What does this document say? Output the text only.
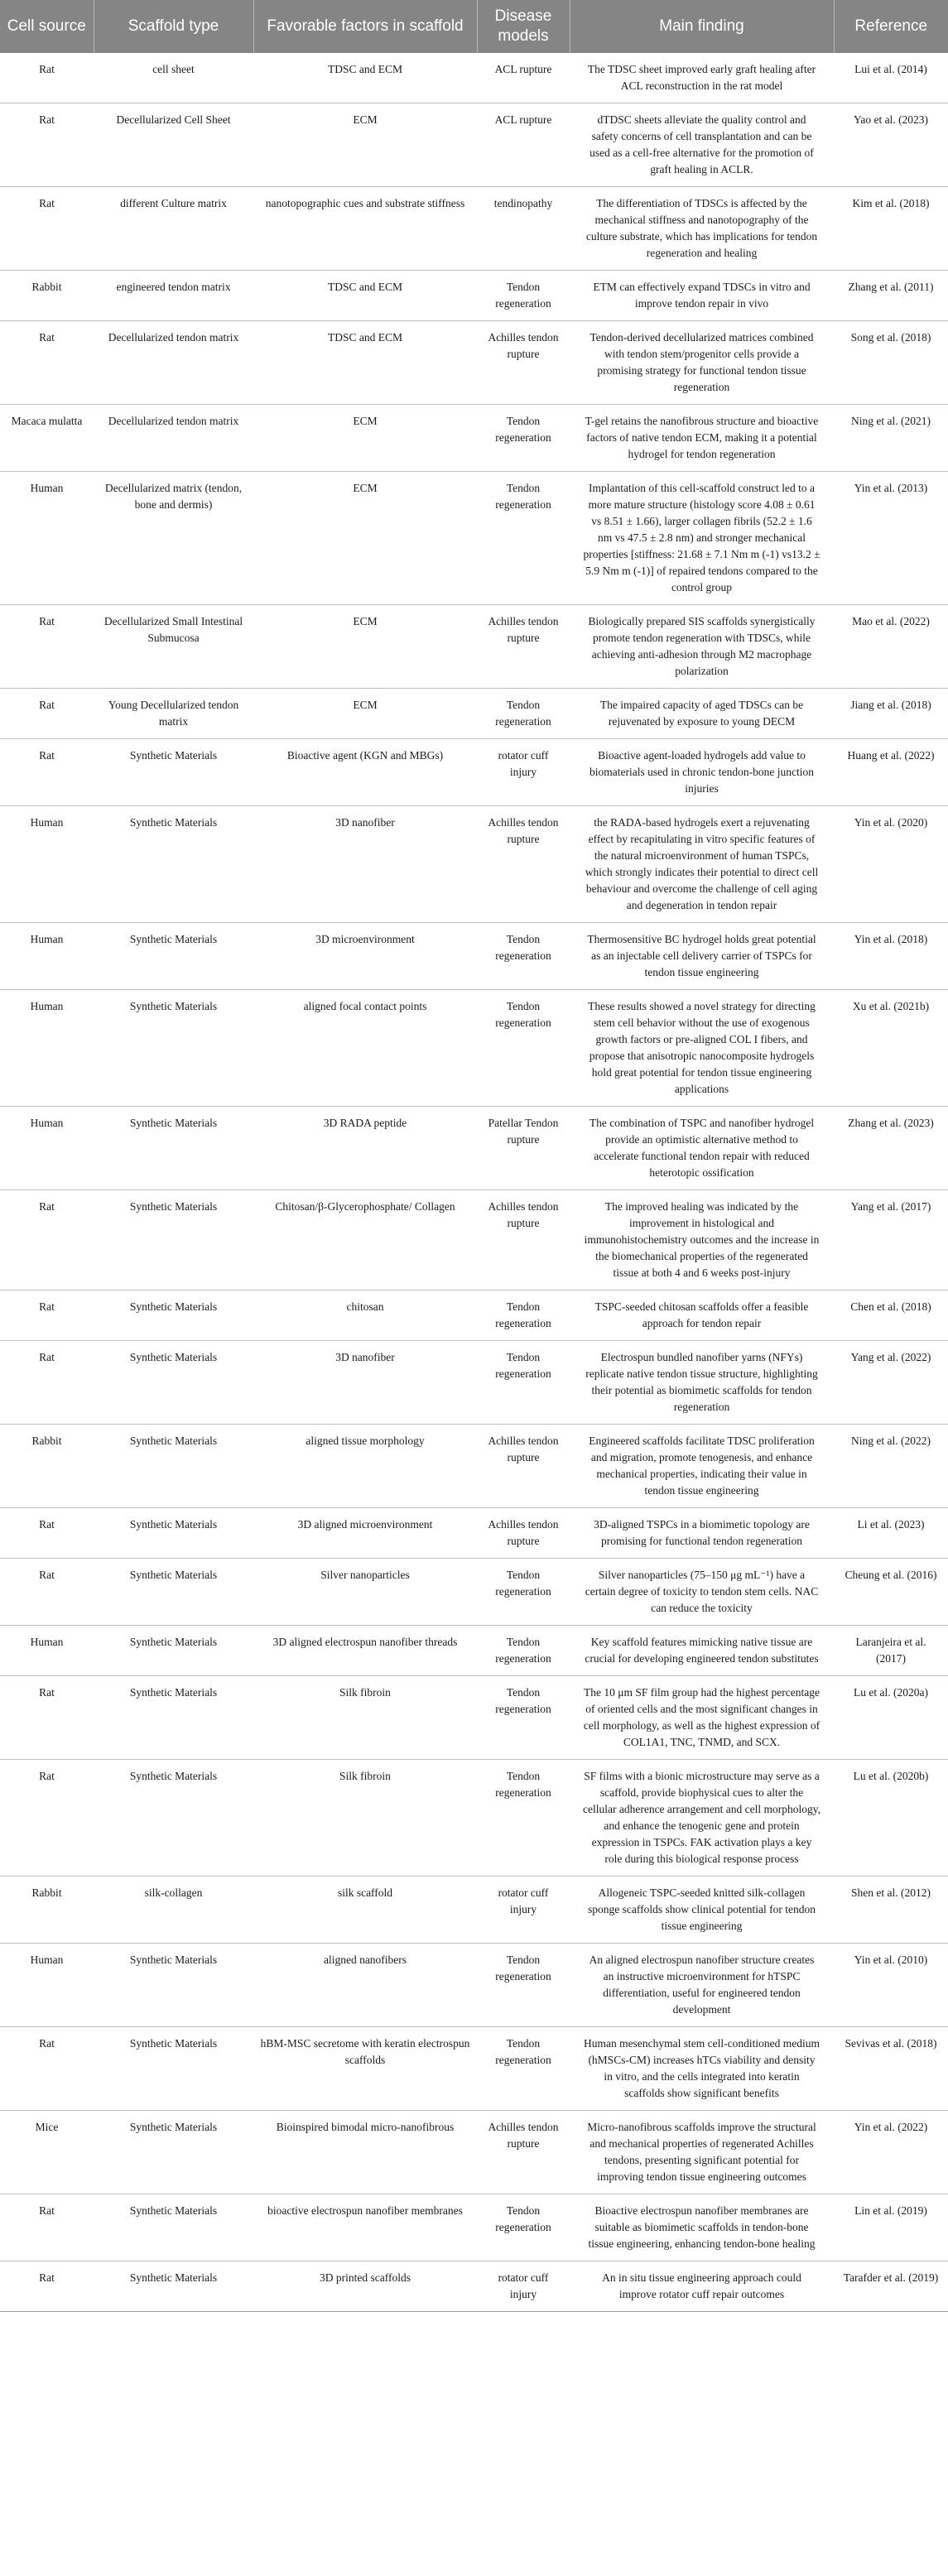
Cell source	Scaffold type	Favorable factors in scaffold	Disease models	Main finding	Reference
Rat	cell sheet	TDSC and ECM	ACL rupture	The TDSC sheet improved early graft healing after ACL reconstruction in the rat model	Lui et al. (2014)
Rat	Decellularized Cell Sheet	ECM	ACL rupture	dTDSC sheets alleviate the quality control and safety concerns of cell transplantation and can be used as a cell-free alternative for the promotion of graft healing in ACLR.	Yao et al. (2023)
Rat	different Culture matrix	nanotopographic cues and substrate stiffness	tendinopathy	The differentiation of TDSCs is affected by the mechanical stiffness and nanotopography of the culture substrate, which has implications for tendon regeneration and healing	Kim et al. (2018)
Rabbit	engineered tendon matrix	TDSC and ECM	Tendon regeneration	ETM can effectively expand TDSCs in vitro and improve tendon repair in vivo	Zhang et al. (2011)
Rat	Decellularized tendon matrix	TDSC and ECM	Achilles tendon rupture	Tendon-derived decellularized matrices combined with tendon stem/progenitor cells provide a promising strategy for functional tendon tissue regeneration	Song et al. (2018)
Macaca mulatta	Decellularized tendon matrix	ECM	Tendon regeneration	T-gel retains the nanofibrous structure and bioactive factors of native tendon ECM, making it a potential hydrogel for tendon regeneration	Ning et al. (2021)
Human	Decellularized matrix (tendon, bone and dermis)	ECM	Tendon regeneration	Implantation of this cell-scaffold construct led to a more mature structure (histology score 4.08 ± 0.61 vs 8.51 ± 1.66), larger collagen fibrils (52.2 ± 1.6 nm vs 47.5 ± 2.8 nm) and stronger mechanical properties [stiffness: 21.68 ± 7.1 Nm m (-1) vs13.2 ± 5.9 Nm m (-1)] of repaired tendons compared to the control group	Yin et al. (2013)
Rat	Decellularized Small Intestinal Submucosa	ECM	Achilles tendon rupture	Biologically prepared SIS scaffolds synergistically promote tendon regeneration with TDSCs, while achieving anti-adhesion through M2 macrophage polarization	Mao et al. (2022)
Rat	Young Decellularized tendon matrix	ECM	Tendon regeneration	The impaired capacity of aged TDSCs can be rejuvenated by exposure to young DECM	Jiang et al. (2018)
Rat	Synthetic Materials	Bioactive agent (KGN and MBGs)	rotator cuff injury	Bioactive agent-loaded hydrogels add value to biomaterials used in chronic tendon-bone junction injuries	Huang et al. (2022)
Human	Synthetic Materials	3D nanofiber	Achilles tendon rupture	the RADA-based hydrogels exert a rejuvenating effect by recapitulating in vitro specific features of the natural microenvironment of human TSPCs, which strongly indicates their potential to direct cell behaviour and overcome the challenge of cell aging and degeneration in tendon repair	Yin et al. (2020)
Human	Synthetic Materials	3D microenvironment	Tendon regeneration	Thermosensitive BC hydrogel holds great potential as an injectable cell delivery carrier of TSPCs for tendon tissue engineering	Yin et al. (2018)
Human	Synthetic Materials	aligned focal contact points	Tendon regeneration	These results showed a novel strategy for directing stem cell behavior without the use of exogenous growth factors or pre-aligned COL I fibers, and propose that anisotropic nanocomposite hydrogels hold great potential for tendon tissue engineering applications	Xu et al. (2021b)
Human	Synthetic Materials	3D RADA peptide	Patellar Tendon rupture	The combination of TSPC and nanofiber hydrogel provide an optimistic alternative method to accelerate functional tendon repair with reduced heterotopic ossification	Zhang et al. (2023)
Rat	Synthetic Materials	Chitosan/β-Glycerophosphate/ Collagen	Achilles tendon rupture	The improved healing was indicated by the improvement in histological and immunohistochemistry outcomes and the increase in the biomechanical properties of the regenerated tissue at both 4 and 6 weeks post-injury	Yang et al. (2017)
Rat	Synthetic Materials	chitosan	Tendon regeneration	TSPC-seeded chitosan scaffolds offer a feasible approach for tendon repair	Chen et al. (2018)
Rat	Synthetic Materials	3D nanofiber	Tendon regeneration	Electrospun bundled nanofiber yarns (NFYs) replicate native tendon tissue structure, highlighting their potential as biomimetic scaffolds for tendon regeneration	Yang et al. (2022)
Rabbit	Synthetic Materials	aligned tissue morphology	Achilles tendon rupture	Engineered scaffolds facilitate TDSC proliferation and migration, promote tenogenesis, and enhance mechanical properties, indicating their value in tendon tissue engineering	Ning et al. (2022)
Rat	Synthetic Materials	3D aligned microenvironment	Achilles tendon rupture	3D-aligned TSPCs in a biomimetic topology are promising for functional tendon regeneration	Li et al. (2023)
Rat	Synthetic Materials	Silver nanoparticles	Tendon regeneration	Silver nanoparticles (75–150 μg mL⁻¹) have a certain degree of toxicity to tendon stem cells. NAC can reduce the toxicity	Cheung et al. (2016)
Human	Synthetic Materials	3D aligned electrospun nanofiber threads	Tendon regeneration	Key scaffold features mimicking native tissue are crucial for developing engineered tendon substitutes	Laranjeira et al. (2017)
Rat	Synthetic Materials	Silk fibroin	Tendon regeneration	The 10 μm SF film group had the highest percentage of oriented cells and the most significant changes in cell morphology, as well as the highest expression of COL1A1, TNC, TNMD, and SCX.	Lu et al. (2020a)
Rat	Synthetic Materials	Silk fibroin	Tendon regeneration	SF films with a bionic microstructure may serve as a scaffold, provide biophysical cues to alter the cellular adherence arrangement and cell morphology, and enhance the tenogenic gene and protein expression in TSPCs. FAK activation plays a key role during this biological response process	Lu et al. (2020b)
Rabbit	silk-collagen	silk scaffold	rotator cuff injury	Allogeneic TSPC-seeded knitted silk-collagen sponge scaffolds show clinical potential for tendon tissue engineering	Shen et al. (2012)
Human	Synthetic Materials	aligned nanofibers	Tendon regeneration	An aligned electrospun nanofiber structure creates an instructive microenvironment for hTSPC differentiation, useful for engineered tendon development	Yin et al. (2010)
Rat	Synthetic Materials	hBM-MSC secretome with keratin electrospun scaffolds	Tendon regeneration	Human mesenchymal stem cell-conditioned medium (hMSCs-CM) increases hTCs viability and density in vitro, and the cells integrated into keratin scaffolds show significant benefits	Sevivas et al. (2018)
Mice	Synthetic Materials	Bioinspired bimodal micro-nanofibrous	Achilles tendon rupture	Micro-nanofibrous scaffolds improve the structural and mechanical properties of regenerated Achilles tendons, presenting significant potential for improving tendon tissue engineering outcomes	Yin et al. (2022)
Rat	Synthetic Materials	bioactive electrospun nanofiber membranes	Tendon regeneration	Bioactive electrospun nanofiber membranes are suitable as biomimetic scaffolds in tendon-bone tissue engineering, enhancing tendon-bone healing	Lin et al. (2019)
Rat	Synthetic Materials	3D printed scaffolds	rotator cuff injury	An in situ tissue engineering approach could improve rotator cuff repair outcomes	Tarafder et al. (2019)
